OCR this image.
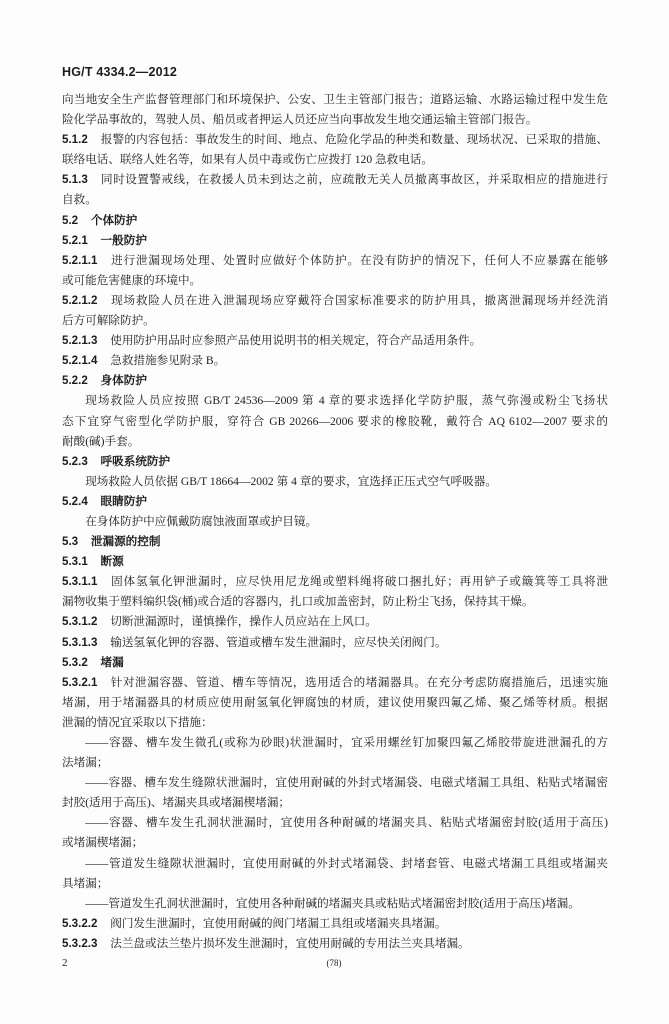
HG/T 4334.2—2012
向当地安全生产监督管理部门和环境保护、公安、卫生主管部门报告；道路运输、水路运输过程中发生危
险化学品事故的，驾驶人员、船员或者押运人员还应当向事故发生地交通运输主管部门报告。
5.1.2 报警的内容包括：事故发生的时间、地点、危险化学品的种类和数量、现场状况、已采取的措施、
联络电话、联络人姓名等，如果有人员中毒或伤亡应拨打 120 急救电话。
5.1.3 同时设置警戒线，在救援人员未到达之前，应疏散无关人员撤离事故区，并采取相应的措施进行
自救。
5.2 个体防护
5.2.1 一般防护
5.2.1.1 进行泄漏现场处理、处置时应做好个体防护。在没有防护的情况下，任何人不应暴露在能够
或可能危害健康的环境中。
5.2.1.2 现场救险人员在进入泄漏现场应穿戴符合国家标准要求的防护用具，撤离泄漏现场并经洗消
后方可解除防护。
5.2.1.3 使用防护用品时应参照产品使用说明书的相关规定，符合产品适用条件。
5.2.1.4 急救措施参见附录 B。
5.2.2 身体防护
现场救险人员应按照 GB/T 24536—2009 第 4 章的要求选择化学防护服，蒸气弥漫或粉尘飞扬状
态下宜穿气密型化学防护服，穿符合 GB 20266—2006 要求的橡胶靴，戴符合 AQ 6102—2007 要求的
耐酸(碱)手套。
5.2.3 呼吸系统防护
现场救险人员依据 GB/T 18664—2002 第 4 章的要求，宜选择正压式空气呼吸器。
5.2.4 眼睛防护
在身体防护中应佩戴防腐蚀液面罩或护目镜。
5.3 泄漏源的控制
5.3.1 断源
5.3.1.1 固体氢氧化钾泄漏时，应尽快用尼龙绳或塑料绳将破口捆扎好；再用铲子或簸箕等工具将泄
漏物收集于塑料编织袋(桶)或合适的容器内，扎口或加盖密封，防止粉尘飞扬，保持其干燥。
5.3.1.2 切断泄漏源时，谨慎操作，操作人员应站在上风口。
5.3.1.3 输送氢氧化钾的容器、管道或槽车发生泄漏时，应尽快关闭阀门。
5.3.2 堵漏
5.3.2.1 针对泄漏容器、管道、槽车等情况，选用适合的堵漏器具。在充分考虑防腐措施后，迅速实施
堵漏，用于堵漏器具的材质应使用耐氢氧化钾腐蚀的材质，建议使用聚四氟乙烯、聚乙烯等材质。根据
泄漏的情况宜采取以下措施：
——容器、槽车发生微孔(或称为砂眼)状泄漏时，宜采用螺丝钉加聚四氟乙烯胶带旋进泄漏孔的方
法堵漏；
——容器、槽车发生缝隙状泄漏时，宜使用耐碱的外封式堵漏袋、电磁式堵漏工具组、粘贴式堵漏密
封胶(适用于高压)、堵漏夹具或堵漏楔堵漏；
——容器、槽车发生孔洞状泄漏时，宜使用各种耐碱的堵漏夹具、粘贴式堵漏密封胶(适用于高压)
或堵漏楔堵漏；
——管道发生缝隙状泄漏时，宜使用耐碱的外封式堵漏袋、封堵套管、电磁式堵漏工具组或堵漏夹
具堵漏；
——管道发生孔洞状泄漏时，宜使用各种耐碱的堵漏夹具或粘贴式堵漏密封胶(适用于高压)堵漏。
5.3.2.2 阀门发生泄漏时，宜使用耐碱的阀门堵漏工具组或堵漏夹具堵漏。
5.3.2.3 法兰盘或法兰垫片损坏发生泄漏时，宜使用耐碱的专用法兰夹具堵漏。
2	(78)
